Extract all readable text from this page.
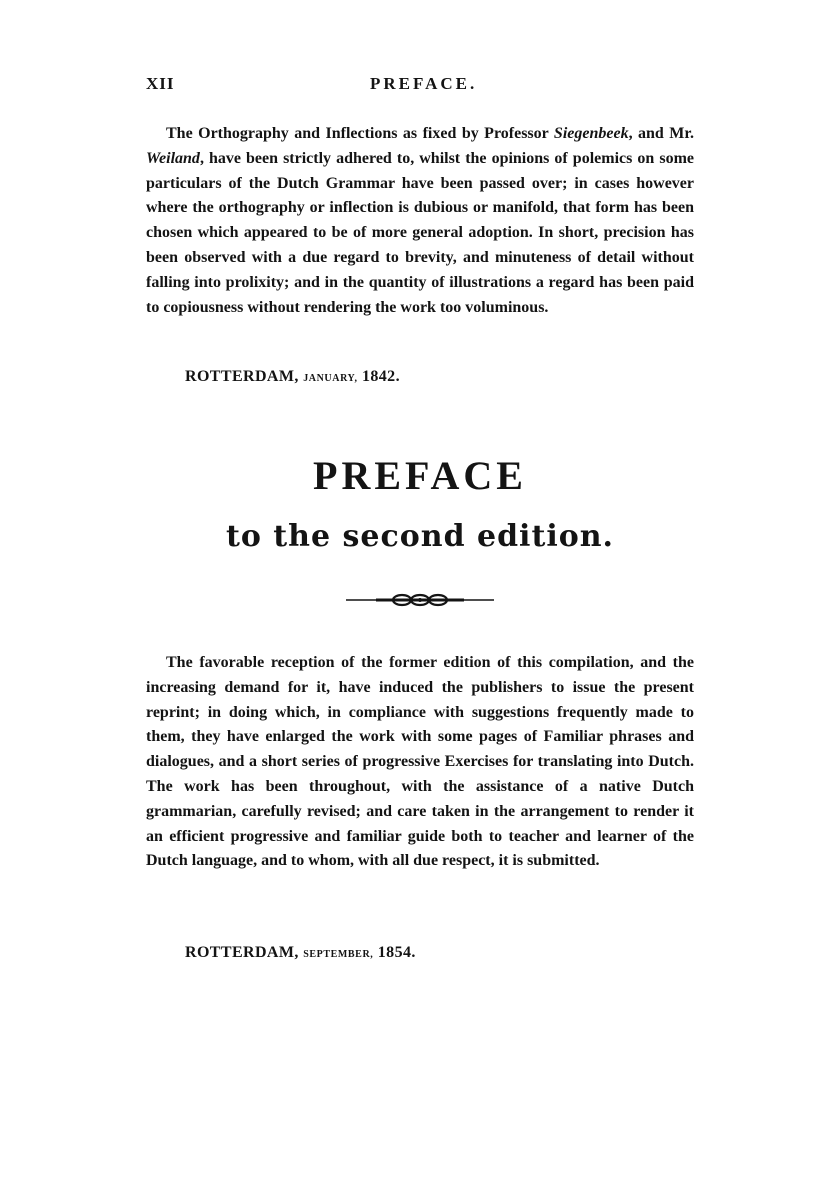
XII	PREFACE.

The Orthography and Inflections as fixed by Professor Siegenbeek, and Mr. Weiland, have been strictly adhered to, whilst the opinions of polemics on some particulars of the Dutch Grammar have been passed over; in cases however where the orthography or inflection is dubious or manifold, that form has been chosen which appeared to be of more general adoption. In short, precision has been observed with a due regard to brevity, and minuteness of detail without falling into prolixity; and in the quantity of illustrations a regard has been paid to copiousness without rendering the work too voluminous.

ROTTERDAM, JANUARY, 1842.
PREFACE
to the second edition.

The favorable reception of the former edition of this compilation, and the increasing demand for it, have induced the publishers to issue the present reprint; in doing which, in compliance with suggestions frequently made to them, they have enlarged the work with some pages of Familiar phrases and dialogues, and a short series of progressive Exercises for translating into Dutch. The work has been throughout, with the assistance of a native Dutch grammarian, carefully revised; and care taken in the arrangement to render it an efficient progressive and familiar guide both to teacher and learner of the Dutch language, and to whom, with all due respect, it is submitted.

ROTTERDAM, SEPTEMBER, 1854.
